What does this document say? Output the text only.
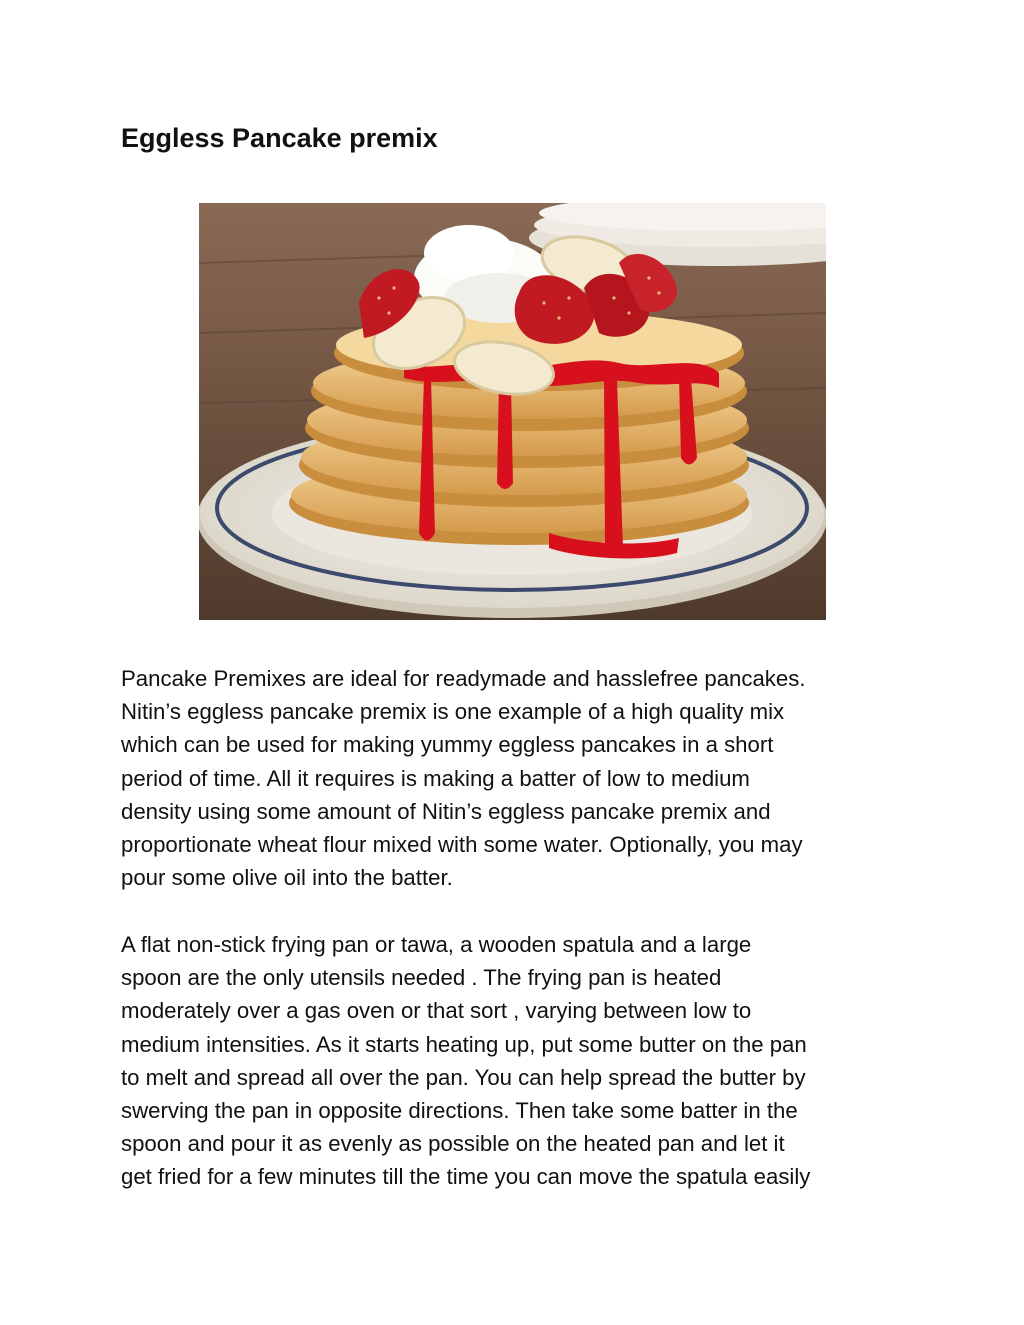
Eggless Pancake premix

Pancake Premixes are ideal for readymade and hasslefree pancakes.
Nitin’s eggless pancake premix is one example of a high quality mix
which can be used for making yummy eggless pancakes in a short
period of time. All it requires is making a batter of low to medium
density using some amount of Nitin’s eggless pancake premix and
proportionate wheat flour mixed with some water. Optionally, you may
pour some olive oil into the batter.

A flat non-stick frying pan or tawa, a wooden spatula and a large
spoon are the only utensils needed . The frying pan is heated
moderately over a gas oven or that sort , varying between low to
medium intensities. As it starts heating up, put some butter on the pan
to melt and spread all over the pan. You can help spread the butter by
swerving the pan in opposite directions. Then take some batter in the
spoon and pour it as evenly as possible on the heated pan and let it
get fried for a few minutes till the time you can move the spatula easily
